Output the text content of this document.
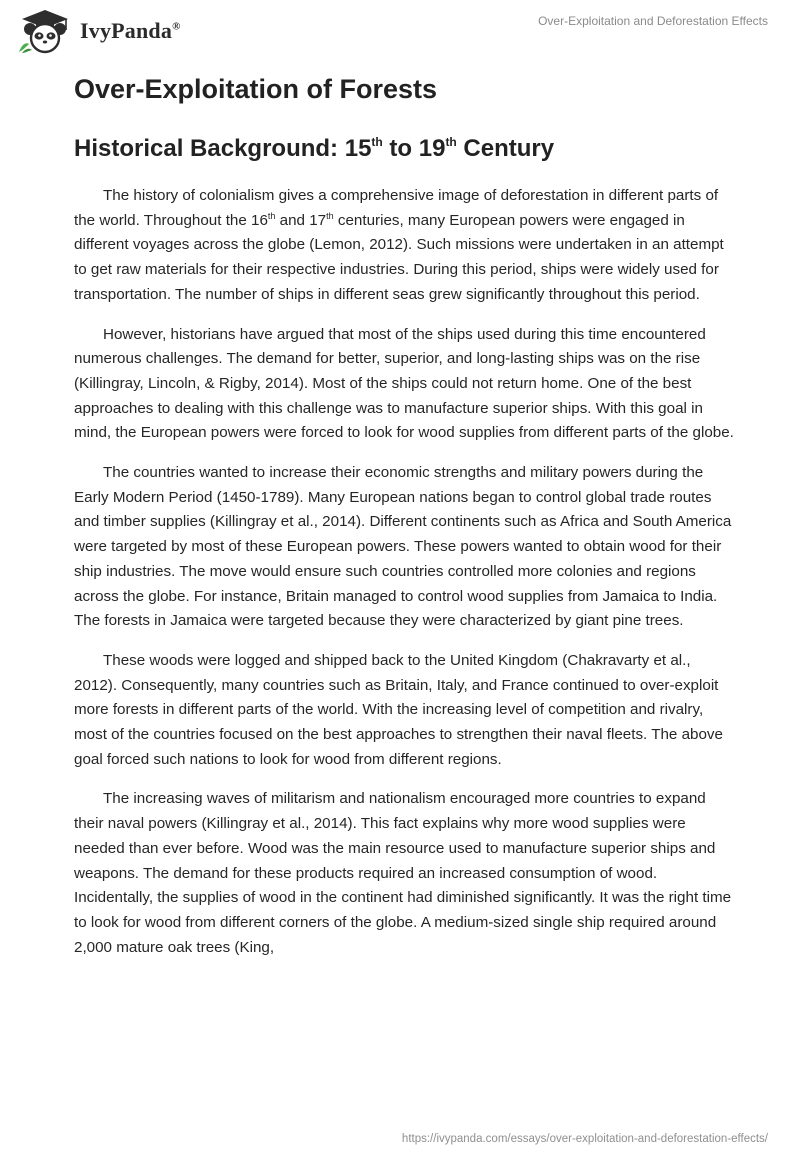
IvyPanda®	Over-Exploitation and Deforestation Effects
Over-Exploitation of Forests
Historical Background: 15th to 19th Century

The history of colonialism gives a comprehensive image of deforestation in different parts of the world. Throughout the 16th and 17th centuries, many European powers were engaged in different voyages across the globe (Lemon, 2012). Such missions were undertaken in an attempt to get raw materials for their respective industries. During this period, ships were widely used for transportation. The number of ships in different seas grew significantly throughout this period.

However, historians have argued that most of the ships used during this time encountered numerous challenges. The demand for better, superior, and long-lasting ships was on the rise (Killingray, Lincoln, & Rigby, 2014). Most of the ships could not return home. One of the best approaches to dealing with this challenge was to manufacture superior ships. With this goal in mind, the European powers were forced to look for wood supplies from different parts of the globe.

The countries wanted to increase their economic strengths and military powers during the Early Modern Period (1450-1789). Many European nations began to control global trade routes and timber supplies (Killingray et al., 2014). Different continents such as Africa and South America were targeted by most of these European powers. These powers wanted to obtain wood for their ship industries. The move would ensure such countries controlled more colonies and regions across the globe. For instance, Britain managed to control wood supplies from Jamaica to India. The forests in Jamaica were targeted because they were characterized by giant pine trees.

These woods were logged and shipped back to the United Kingdom (Chakravarty et al., 2012). Consequently, many countries such as Britain, Italy, and France continued to over-exploit more forests in different parts of the world. With the increasing level of competition and rivalry, most of the countries focused on the best approaches to strengthen their naval fleets. The above goal forced such nations to look for wood from different regions.

The increasing waves of militarism and nationalism encouraged more countries to expand their naval powers (Killingray et al., 2014). This fact explains why more wood supplies were needed than ever before. Wood was the main resource used to manufacture superior ships and weapons. The demand for these products required an increased consumption of wood. Incidentally, the supplies of wood in the continent had diminished significantly. It was the right time to look for wood from different corners of the globe. A medium-sized single ship required around 2,000 mature oak trees (King,

https://ivypanda.com/essays/over-exploitation-and-deforestation-effects/
